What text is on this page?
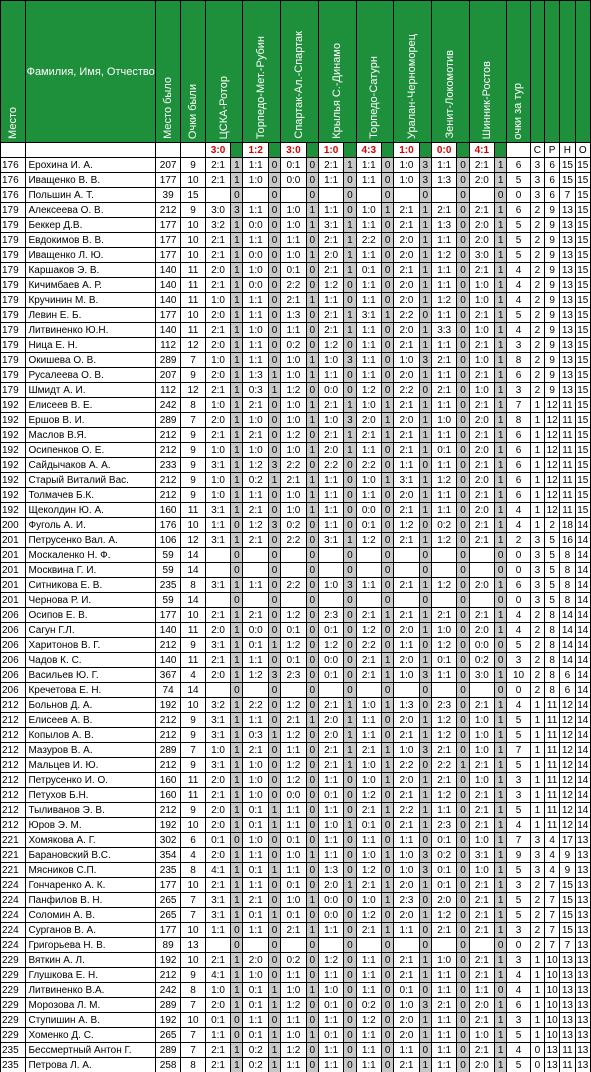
Место	Фамилия, Имя, Отчество	Место было	Очки были	ЦСКА-Ротор		Торпедо-Мет.-Рубин		Спартак-Ал.-Спартак		Крылья С.-Динамо		Торпедо-Сатурн		Уралан-Черноморец		Зенит-Локомотив		Шинник-Ростов		очки за тур				

				3:0		1:2		3:0		1:0		4:3		1:0		0:0		4:1			С	Р	Н	О
176	Ерохина И. А.	207	9	2:1	1	1:1	0	0:1	0	2:1	1	1:1	0	1:0	3	1:1	0	2:1	1	6	3	6	15	15
176	Иващенко В. В.	177	10	2:1	1	1:0	0	0:0	0	1:1	0	1:1	0	1:0	3	1:3	0	2:0	1	5	3	6	15	15
176	Польшин А. Т.	39	15		0		0		0		0		0		0		0		0	0	3	6	7	15
179	Алексеева О. В.	212	9	3:0	3	1:1	0	1:0	1	1:1	0	1:0	1	2:1	1	2:1	0	2:1	1	6	2	9	13	15
179	Беккер Д.В.	177	10	3:2	1	0:0	0	1:0	1	3:1	1	1:1	0	2:1	1	1:3	0	2:0	1	5	2	9	13	15
179	Евдокимов В. В.	177	10	2:1	1	1:1	0	1:1	0	2:1	1	2:2	0	2:0	1	1:1	0	2:0	1	5	2	9	13	15
179	Иващенко Л. Ю.	177	10	2:1	1	0:0	0	1:0	1	2:0	1	1:1	0	2:0	1	1:2	0	3:0	1	5	2	9	13	15
179	Каршаков Э. В.	140	11	2:0	1	1:0	0	0:1	0	2:1	1	0:1	0	2:1	1	1:1	0	2:1	1	4	2	9	13	15
179	Кичимбаев А. Р.	140	11	2:1	1	0:0	0	2:2	0	1:2	0	1:1	0	2:0	1	1:1	0	1:0	1	4	2	9	13	15
179	Кручинин М. В.	140	11	1:0	1	1:1	0	2:1	1	1:1	0	1:1	0	2:0	1	1:2	0	1:0	1	4	2	9	13	15
179	Левин Е. Б.	177	10	2:0	1	1:1	0	1:3	0	2:1	1	3:1	1	2:2	0	1:1	0	2:1	1	5	2	9	13	15
179	Литвиненко Ю.Н.	140	11	2:1	1	1:0	0	1:1	0	2:1	1	1:1	0	2:0	1	3:3	0	1:0	1	4	2	9	13	15
179	Ница Е. Н.	112	12	2:0	1	1:1	0	0:2	0	1:2	0	1:1	0	2:1	1	1:1	0	2:1	1	3	2	9	13	15
179	Окишева О. В.	289	7	1:0	1	1:1	0	1:0	1	1:0	3	1:1	0	1:0	3	2:1	0	1:0	1	8	2	9	13	15
179	Русалеева О. В.	207	9	2:0	1	1:3	1	1:0	1	1:1	0	1:1	0	2:0	1	1:1	0	2:1	1	6	2	9	13	15
179	Шмидт А. И.	112	12	2:1	1	0:3	1	1:2	0	0:0	0	1:2	0	2:2	0	2:1	0	1:0	1	3	2	9	13	15
192	Елисеев В. Е.	242	8	1:0	1	2:1	0	1:0	1	2:1	1	1:0	1	2:1	1	1:1	0	2:1	1	7	1	12	11	15
192	Ершов В. И.	289	7	2:0	1	1:0	0	1:0	1	1:0	3	2:0	1	2:0	1	1:0	0	2:0	1	8	1	12	11	15
192	Маслов В.Я.	212	9	2:1	1	2:1	0	1:2	0	2:1	1	2:1	1	2:1	1	1:1	0	2:1	1	6	1	12	11	15
192	Осипенков О. Е.	212	9	1:0	1	1:0	0	1:0	1	2:0	1	1:1	0	2:1	1	0:1	0	2:0	1	6	1	12	11	15
192	Сайдычаков А. А.	233	9	3:1	1	1:2	3	2:2	0	2:2	0	2:2	0	1:1	0	1:1	0	2:1	1	6	1	12	11	15
192	Старый Виталий Вас.	212	9	1:0	1	0:2	1	2:1	1	1:1	0	1:0	1	3:1	1	1:2	0	2:0	1	6	1	12	11	15
192	Толмачев Б.К.	212	9	1:0	1	1:1	0	1:0	1	1:1	0	1:1	0	2:0	1	1:1	0	2:1	1	6	1	12	11	15
192	Щеколдин Ю. А.	160	11	3:1	1	2:1	0	1:0	1	1:1	0	0:0	0	2:1	1	1:1	0	2:0	1	4	1	12	11	15
200	Фуголь А. И.	176	10	1:1	0	1:2	3	0:2	0	1:1	0	0:1	0	1:2	0	0:2	0	2:1	1	4	1	2	18	14
201	Петрусенко Вал. А.	106	12	3:1	1	2:1	0	2:2	0	3:1	1	1:2	0	2:1	1	1:2	0	2:1	1	2	3	5	16	14
201	Москаленко Н. Ф.	59	14		0		0		0		0		0		0		0		0	0	3	5	8	14
201	Москвина Г. И.	59	14		0		0		0		0		0		0		0		0	0	3	5	8	14
201	Ситникова Е. В.	235	8	3:1	1	1:1	0	2:2	0	1:0	3	1:1	0	2:1	1	1:2	0	2:0	1	6	3	5	8	14
201	Чернова Р. И.	59	14		0		0		0		0		0		0		0		0	0	3	5	8	14
206	Осипов Е. В.	177	10	2:1	1	2:1	0	1:2	0	2:3	0	2:1	1	2:1	1	2:1	0	2:1	1	4	2	8	14	14
206	Сагун Г.Л.	140	11	2:0	1	0:0	0	0:1	0	0:1	0	1:2	0	2:0	1	1:0	0	2:0	1	4	2	8	14	14
206	Харитонов В. Г.	212	9	3:1	1	0:1	1	1:2	0	1:2	0	2:2	0	1:1	0	1:2	0	0:0	0	5	2	8	14	14
206	Чадов К. С.	140	11	2:1	1	1:1	0	0:1	0	0:0	0	2:1	1	2:0	1	0:1	0	0:2	0	3	2	8	14	14
206	Васильев Ю. Г.	367	4	2:0	1	1:2	3	2:3	0	0:1	0	2:1	1	1:0	3	1:1	0	3:0	1	10	2	8	6	14
206	Кречетова Е. Н.	74	14		0		0		0		0		0		0		0		0	0	2	8	6	14
212	Больнов Д. А.	192	10	3:2	1	2:2	0	1:2	0	2:1	1	1:0	1	1:3	0	2:3	0	2:1	1	4	1	11	12	14
212	Елисеев А. В.	212	9	3:1	1	1:1	0	2:1	1	2:0	1	1:1	0	2:0	1	1:2	0	1:0	1	5	1	11	12	14
212	Копылов А. В.	212	9	3:1	1	0:3	1	1:2	0	2:0	1	1:1	0	2:1	1	1:2	0	1:0	1	5	1	11	12	14
212	Мазуров В. А.	289	7	1:0	1	2:1	0	1:1	0	2:1	1	2:1	1	1:0	3	2:1	0	1:0	1	7	1	11	12	14
212	Мальцев И. Ю.	212	9	3:1	1	1:0	0	1:2	0	2:1	1	1:0	1	2:2	0	2:2	1	2:1	1	5	1	11	12	14
212	Петрусенко И. О.	160	11	2:0	1	1:0	0	1:2	0	1:1	0	1:0	1	2:0	1	2:1	0	1:0	1	3	1	11	12	14
212	Петухов Б.Н.	160	11	2:1	1	1:0	0	0:0	0	0:1	0	1:2	0	2:1	1	1:2	0	2:1	1	3	1	11	12	14
212	Тыливанов Э. В.	212	9	2:0	1	0:1	1	1:1	0	1:1	0	2:1	1	2:2	1	1:1	0	2:1	1	5	1	11	12	14
212	Юров Э. М.	192	10	2:0	1	0:1	1	1:1	0	1:0	1	0:1	0	2:1	1	2:3	0	2:1	1	4	1	11	12	14
221	Хомякова А. Г.	302	6	0:1	0	1:0	0	0:1	0	1:1	0	1:1	0	1:1	0	0:1	0	1:0	1	7	3	4	17	13
221	Барановский В.С.	354	4	2:0	1	1:1	0	1:0	1	1:1	0	1:0	1	1:0	3	0:2	0	3:1	1	9	3	4	9	13
221	Мясников С.П.	235	8	4:1	1	0:1	1	1:1	0	1:3	0	1:2	0	1:0	3	0:1	0	1:0	1	5	3	4	9	13
224	Гончаренко А. К.	177	10	2:1	1	1:1	0	0:1	0	2:0	1	2:1	1	2:0	1	0:1	0	2:1	1	3	2	7	15	13
224	Панфилов В. Н.	265	7	3:1	1	2:1	0	1:0	1	0:0	0	1:0	1	2:3	0	2:0	0	2:1	1	5	2	7	15	13
224	Соломин А. В.	265	7	3:1	1	0:1	1	0:1	0	0:0	0	1:2	0	2:0	1	1:2	0	2:1	1	5	2	7	15	13
224	Сурганов В. А.	177	10	1:1	0	1:1	0	2:1	1	1:1	0	2:1	1	1:1	0	2:1	0	2:1	1	3	2	7	15	13
224	Григорьева Н. В.	89	13		0		0		0		0		0		0		0		0	0	2	7	7	13
229	Вяткин А. Л.	192	10	2:1	1	2:0	0	0:2	0	1:2	0	1:1	0	2:1	1	1:0	0	2:1	1	3	1	10	13	13
229	Глушкова Е. Н.	212	9	4:1	1	1:0	0	1:1	0	1:1	0	1:1	0	2:1	1	1:1	0	2:1	1	4	1	10	13	13
229	Литвиненко В.А.	242	8	1:0	1	0:1	1	1:0	1	1:0	0	1:1	0	0:1	0	1:1	0	1:1	0	4	1	10	13	13
229	Морозова Л. М.	289	7	2:0	1	0:1	1	1:2	0	0:1	0	0:2	0	1:0	3	2:1	0	2:0	1	6	1	10	13	13
229	Ступишин А. В.	192	10	0:1	0	1:1	0	1:1	0	1:1	0	1:2	0	2:0	1	1:1	0	2:1	1	3	1	10	13	13
229	Хоменко Д. С.	265	7	1:1	0	0:1	1	1:0	1	0:1	0	1:1	0	2:0	1	1:1	0	1:0	1	5	1	10	13	13
235	Бессмертный Антон Г.	289	7	2:1	1	0:2	1	1:2	0	1:1	0	1:1	0	1:1	0	1:1	0	2:1	1	4	0	13	11	13
235	Петрова Л. А.	258	8	2:1	1	0:2	1	1:1	0	1:1	0	1:1	0	2:1	1	1:1	0	2:0	1	5	0	13	11	13
